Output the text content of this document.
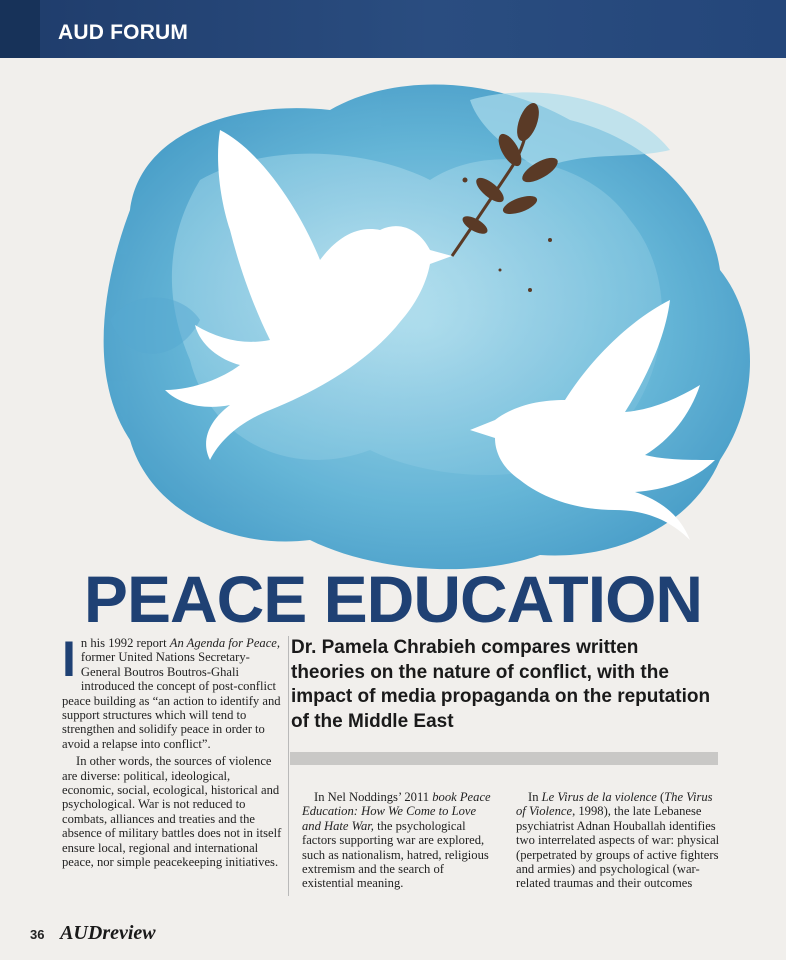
AUD FORUM
PEACE EDUCATION

In his 1992 report An Agenda for Peace, former United Nations Secretary-General Boutros Boutros-Ghali introduced the concept of post-conflict peace building as “an action to identify and support structures which will tend to strengthen and solidify peace in order to avoid a relapse into conflict”.

In other words, the sources of violence are diverse: political, ideological, economic, social, ecological, historical and psychological. War is not reduced to combats, alliances and treaties and the absence of military battles does not in itself ensure local, regional and international peace, nor simple peacekeeping initiatives.

Dr. Pamela Chrabieh compares written theories on the nature of conflict, with the impact of media propaganda on the reputation of the Middle East

In Nel Noddings’ 2011 book Peace Education: How We Come to Love and Hate War, the psychological factors supporting war are explored, such as nationalism, hatred, religious extremism and the search of existential meaning.

In Le Virus de la violence (The Virus of Violence, 1998), the late Lebanese psychiatrist Adnan Houballah identifies two interrelated aspects of war: physical (perpetrated by groups of active fighters and armies) and psychological (war-related traumas and their outcomes

36 AUDreview
